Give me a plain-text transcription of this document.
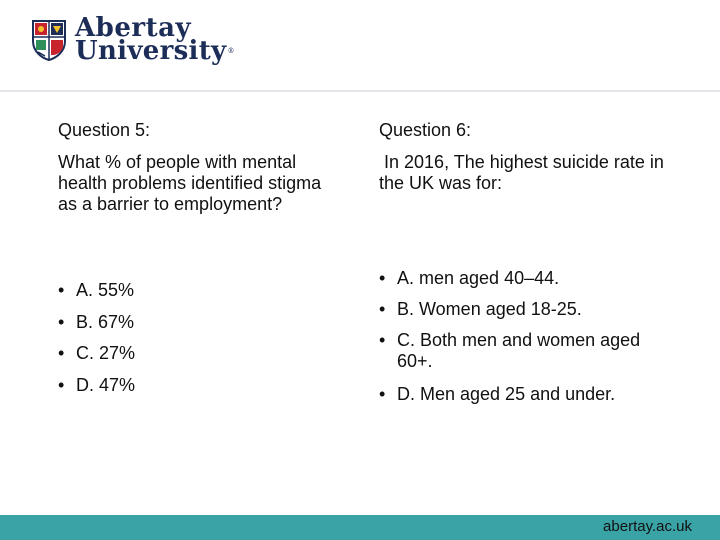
Abertay
University®
Question 5:
What % of people with mental health problems identified stigma as a barrier to employment?
• A. 55%
• B. 67%
• C. 27%
• D. 47%
Question 6:
In 2016, The highest suicide rate in the UK was for:
• A. men aged 40–44.
• B. Women aged 18-25.
• C. Both men and women aged 60+.
• D. Men aged 25 and under.
abertay.ac.uk
